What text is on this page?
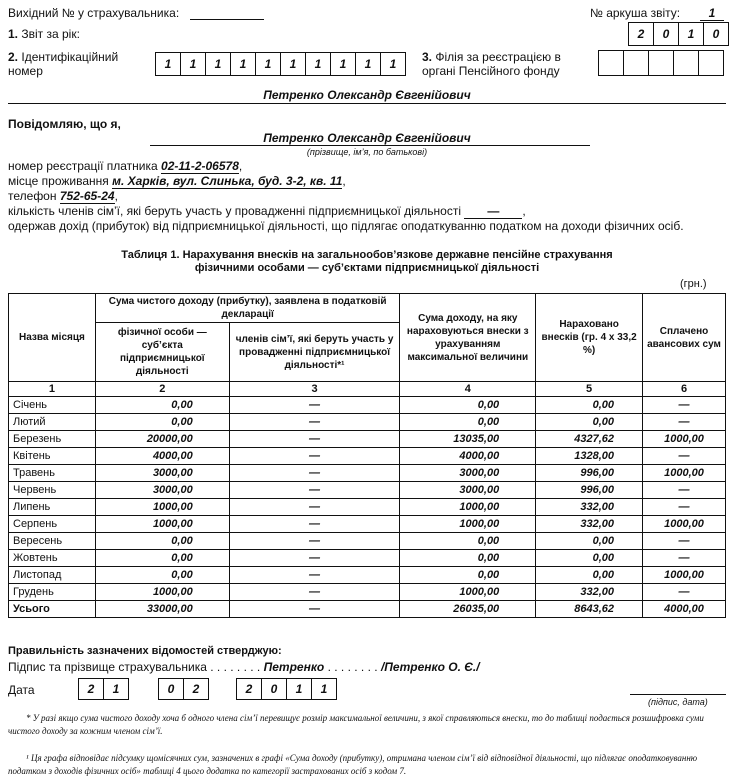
Вихідний № у страхувальника:	№ аркуша звіту:	1
1. Звіт за рік:	2	0	1	0
2. Ідентифікаційний номер	1	1	1	1	1	1	1	1	1	1	3. Філія за реєстрацією в органі Пенсійного фонду
Петренко Олександр Євгенійович
Повідомляю, що я,
Петренко Олександр Євгенійович
(прізвище, ім’я, по батькові)
номер реєстрації платника 02-11-2-06578,
місце проживання м. Харків, вул. Слинька, буд. 3-2, кв. 11,
телефон 752-65-24,
кількість членів сім’ї, які беруть участь у провадженні підприємницької діяльності — ,
одержав дохід (прибуток) від підприємницької діяльності, що підлягає оподаткуванню податком на доходи фізичних осіб.
Таблиця 1. Нарахування внесків на загальнообов’язкове державне пенсійне страхування
фізичними особами — суб’єктами підприємницької діяльності
(грн.)
Назва місяця	Сума чистого доходу (прибутку), заявлена в податковій декларації		Сума доходу, на яку нараховуються внески з урахуванням максимальної величини	Нараховано внесків (гр. 4 х 33,2 %)	Сплачено авансових сум
	фізичної особи — суб’єкта підприємницької діяльності	членів сім’ї, які беруть участь у провадженні підприємницької діяльності*¹			
1	2	3	4	5	6
Січень	0,00	—	0,00	0,00	—
Лютий	0,00	—	0,00	0,00	—
Березень	20000,00	—	13035,00	4327,62	1000,00
Квітень	4000,00	—	4000,00	1328,00	—
Травень	3000,00	—	3000,00	996,00	1000,00
Червень	3000,00	—	3000,00	996,00	—
Липень	1000,00	—	1000,00	332,00	—
Серпень	1000,00	—	1000,00	332,00	1000,00
Вересень	0,00	—	0,00	0,00	—
Жовтень	0,00	—	0,00	0,00	—
Листопад	0,00	—	0,00	0,00	1000,00
Грудень	1000,00	—	1000,00	332,00	—
Усього	33000,00	—	26035,00	8643,62	4000,00
Правильність зазначених відомостей стверджую:
Підпис та прізвище страхувальника . . . . . . . . Петренко . . . . . . . . /Петренко О. Є./
Дата	2	1	0	2	2	0	1	1
(підпис, дата)
* У разі якщо сума чистого доходу хоча б одного члена сім’ї перевищує розмір максимальної величини, з якої справляються внески, то до таблиці подається розшифровка суми чистого доходу за кожним членом сім’ї.
¹ Ця графа відповідає підсумку щомісячних сум, зазначених в графі «Сума доходу (прибутку), отримана членом сім’ї від відповідної діяльності, що підлягає оподатковуванню податком з доходів фізичних осіб» таблиці 4 цього додатка по категорії застрахованих осіб з кодом 7.
